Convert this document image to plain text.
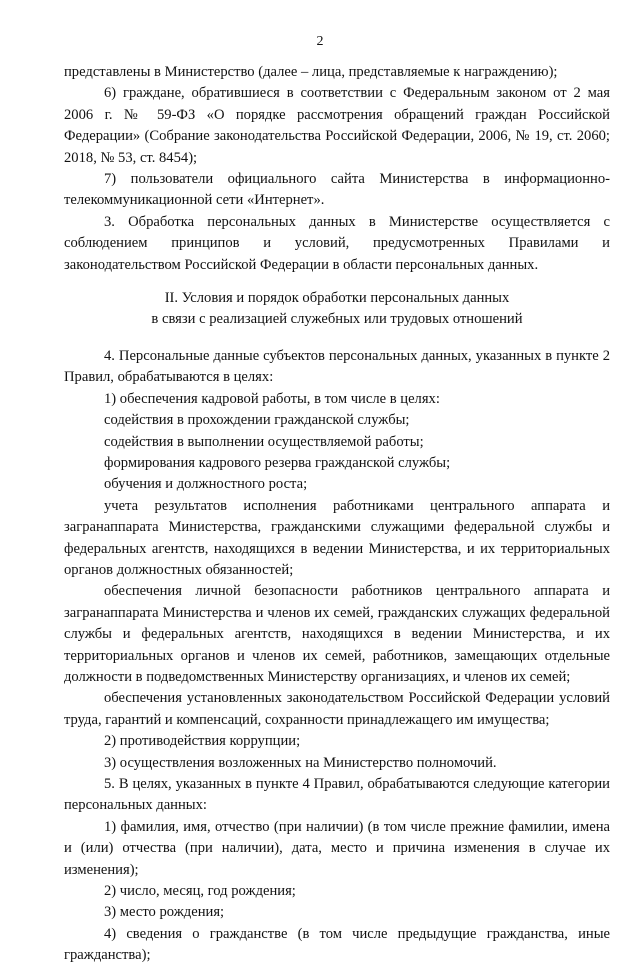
2

представлены в Министерство (далее – лица, представляемые к награждению);

6) граждане, обратившиеся в соответствии с Федеральным законом от 2 мая 2006 г. № 59-ФЗ «О порядке рассмотрения обращений граждан Российской Федерации» (Собрание законодательства Российской Федерации, 2006, № 19, ст. 2060; 2018, № 53, ст. 8454);

7) пользователи официального сайта Министерства в информационно-телекоммуникационной сети «Интернет».

3. Обработка персональных данных в Министерстве осуществляется с соблюдением принципов и условий, предусмотренных Правилами и законодательством Российской Федерации в области персональных данных.

II. Условия и порядок обработки персональных данных
в связи с реализацией служебных или трудовых отношений

4. Персональные данные субъектов персональных данных, указанных в пункте 2 Правил, обрабатываются в целях:

1) обеспечения кадровой работы, в том числе в целях:

содействия в прохождении гражданской службы;

содействия в выполнении осуществляемой работы;

формирования кадрового резерва гражданской службы;

обучения и должностного роста;

учета результатов исполнения работниками центрального аппарата и загранаппарата Министерства, гражданскими служащими федеральной службы и федеральных агентств, находящихся в ведении Министерства, и их территориальных органов должностных обязанностей;

обеспечения личной безопасности работников центрального аппарата и загранаппарата Министерства и членов их семей, гражданских служащих федеральной службы и федеральных агентств, находящихся в ведении Министерства, и их территориальных органов и членов их семей, работников, замещающих отдельные должности в подведомственных Министерству организациях, и членов их семей;

обеспечения установленных законодательством Российской Федерации условий труда, гарантий и компенсаций, сохранности принадлежащего им имущества;

2) противодействия коррупции;

3) осуществления возложенных на Министерство полномочий.

5. В целях, указанных в пункте 4 Правил, обрабатываются следующие категории персональных данных:

1) фамилия, имя, отчество (при наличии) (в том числе прежние фамилии, имена и (или) отчества (при наличии), дата, место и причина изменения в случае их изменения);

2) число, месяц, год рождения;

3) место рождения;

4) сведения о гражданстве (в том числе предыдущие гражданства, иные гражданства);
